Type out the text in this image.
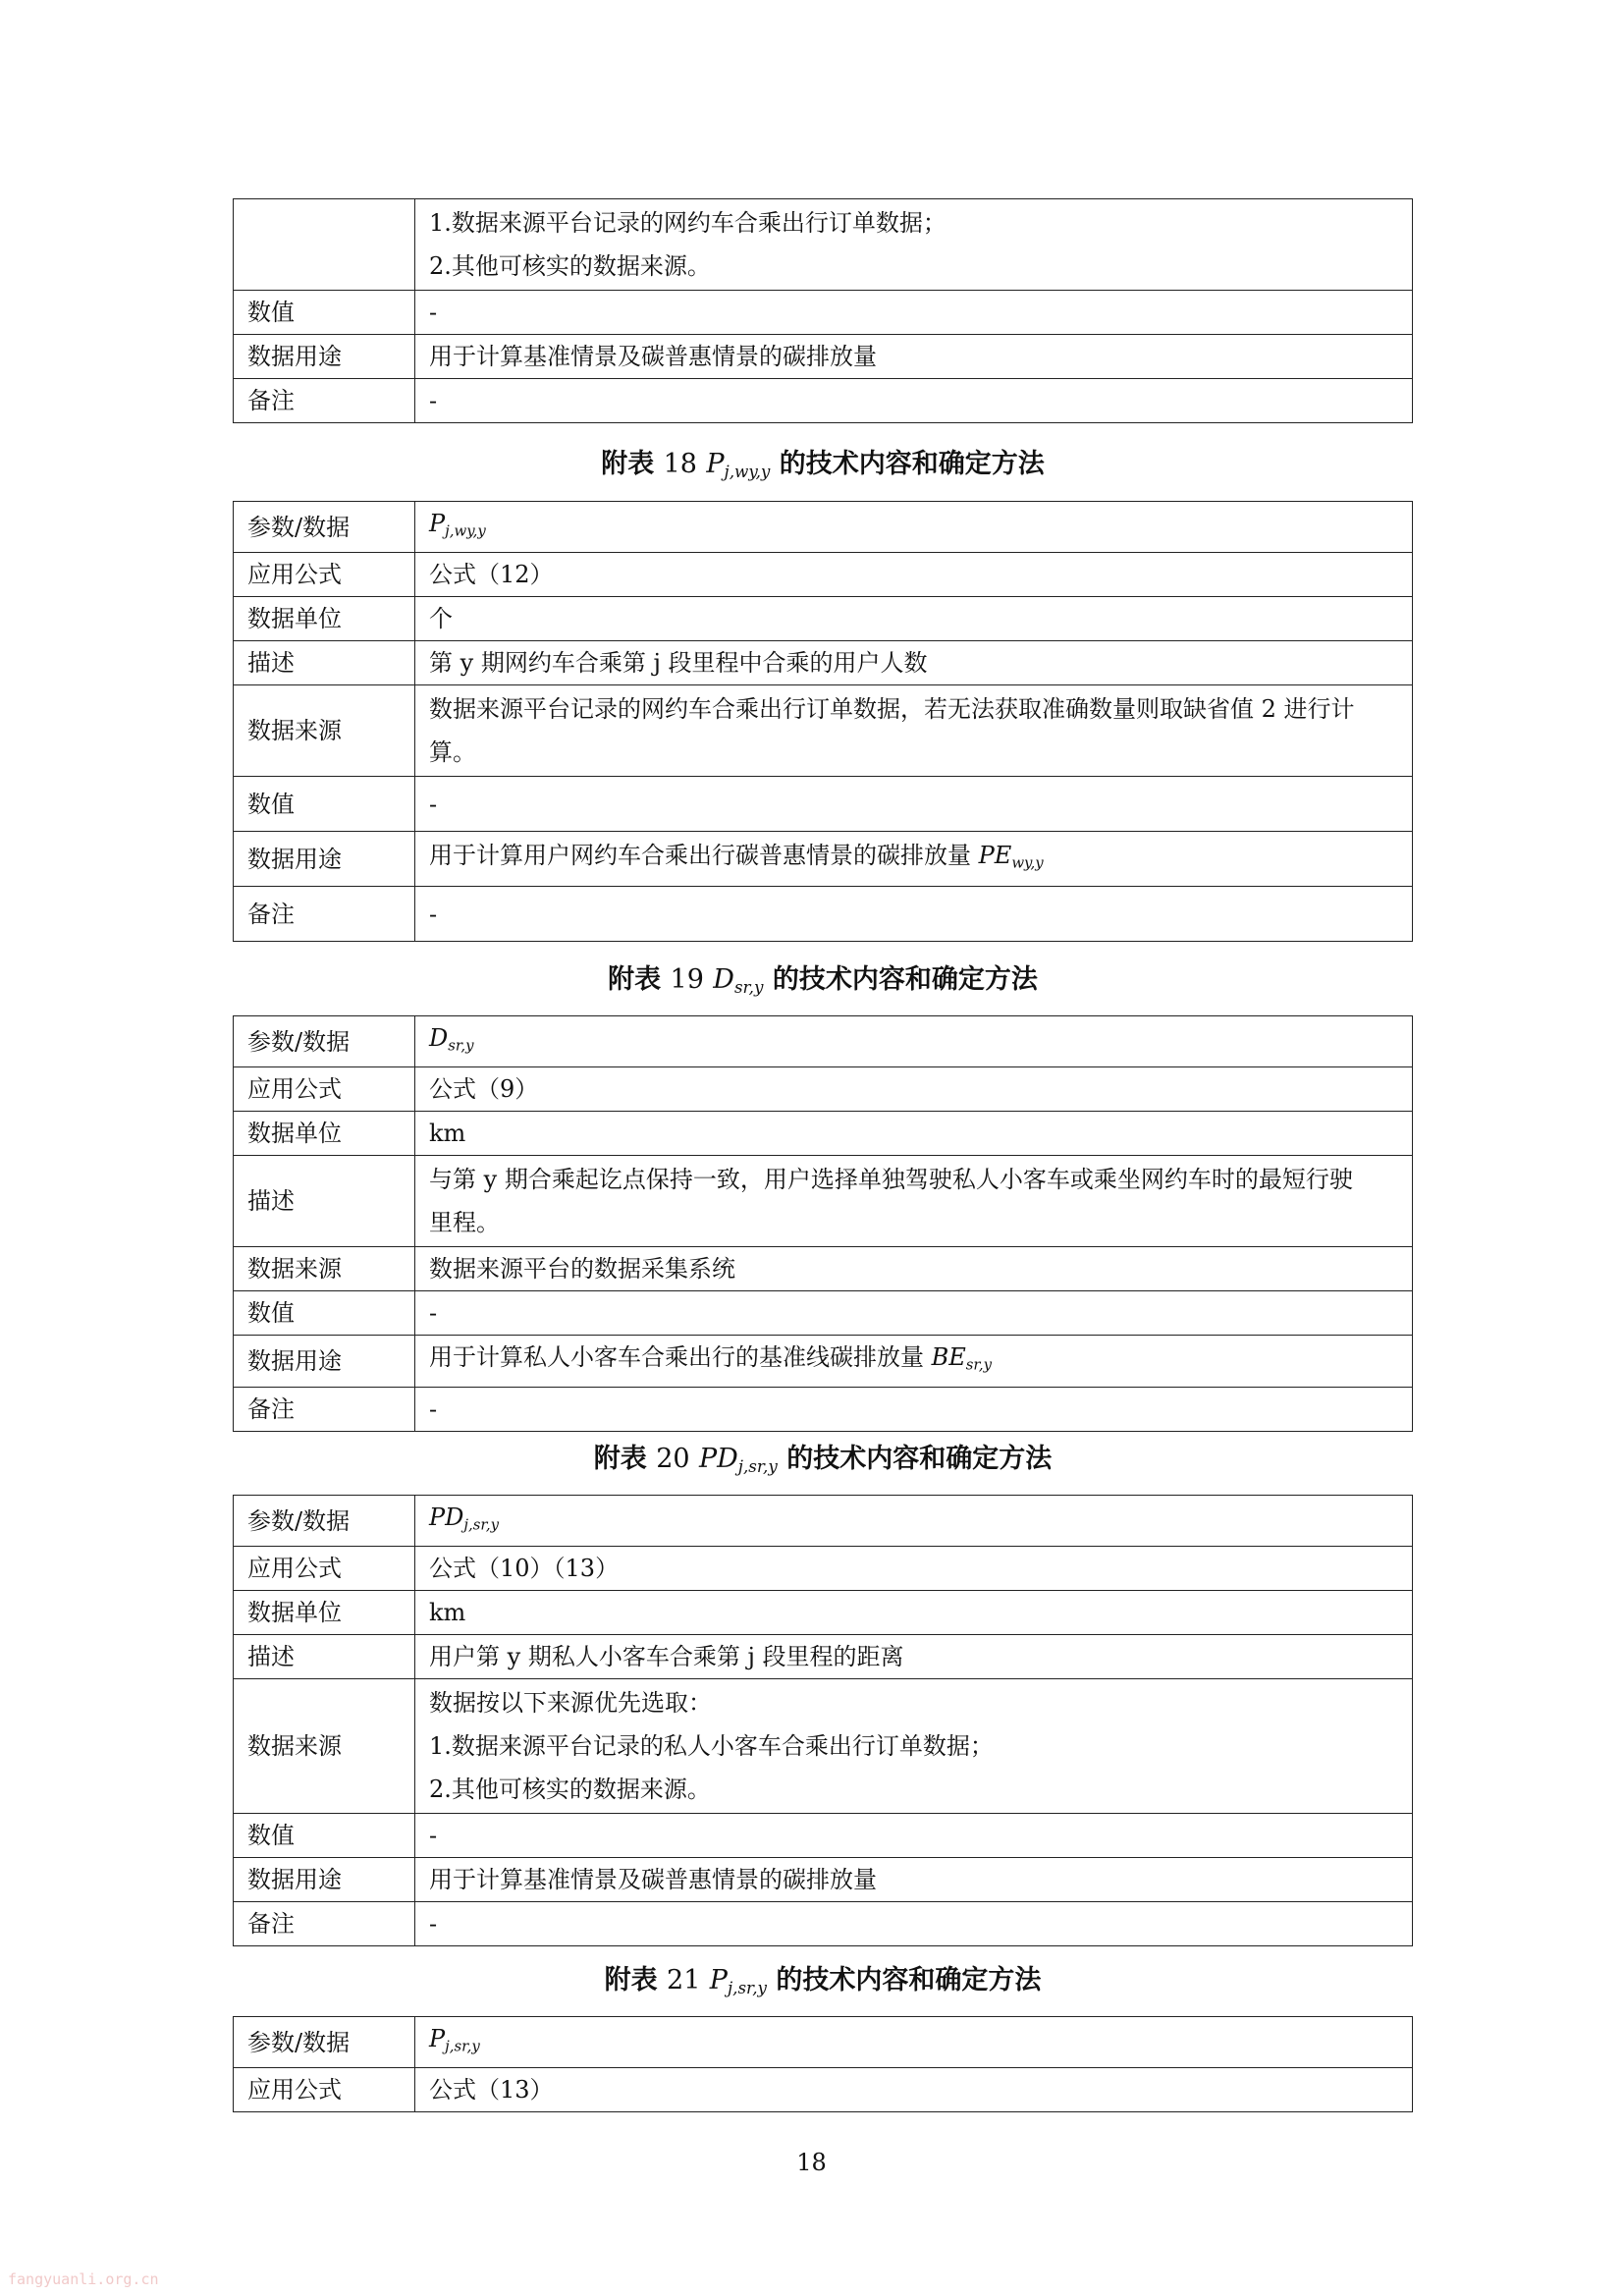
	1.数据来源平台记录的网约车合乘出行订单数据；
2.其他可核实的数据来源。

数值	-
数据用途	用于计算基准情景及碳普惠情景的碳排放量
备注	-
附表 18 $P_{j,wy,y}$ 的技术内容和确定方法
参数/数据	$P_{j,wy,y}$
应用公式	公式（12）
数据单位	个
描述	第 y 期网约车合乘第 j 段里程中合乘的用户人数
数据来源	数据来源平台记录的网约车合乘出行订单数据，若无法获取准确数量则取缺省值 2 进行计
算。

数值	-
数据用途	用于计算用户网约车合乘出行碳普惠情景的碳排放量 $PE_{wy,y}$
备注	-
附表 19 $D_{sr,y}$ 的技术内容和确定方法
参数/数据	$D_{sr,y}$
应用公式	公式（9）
数据单位	km
描述	与第 y 期合乘起讫点保持一致，用户选择单独驾驶私人小客车或乘坐网约车时的最短行驶
里程。

数据来源	数据来源平台的数据采集系统
数值	-
数据用途	用于计算私人小客车合乘出行的基准线碳排放量 $BE_{sr,y}$
备注	-
附表 20 $PD_{j,sr,y}$ 的技术内容和确定方法
参数/数据	$PD_{j,sr,y}$
应用公式	公式（10）（13）
数据单位	km
描述	用户第 y 期私人小客车合乘第 j 段里程的距离
数据来源	数据按以下来源优先选取：
1.数据来源平台记录的私人小客车合乘出行订单数据；
2.其他可核实的数据来源。

数值	-
数据用途	用于计算基准情景及碳普惠情景的碳排放量
备注	-
附表 21 $P_{j,sr,y}$ 的技术内容和确定方法
参数/数据	$P_{j,sr,y}$
应用公式	公式（13）
18
fangyuanli.org.cn
